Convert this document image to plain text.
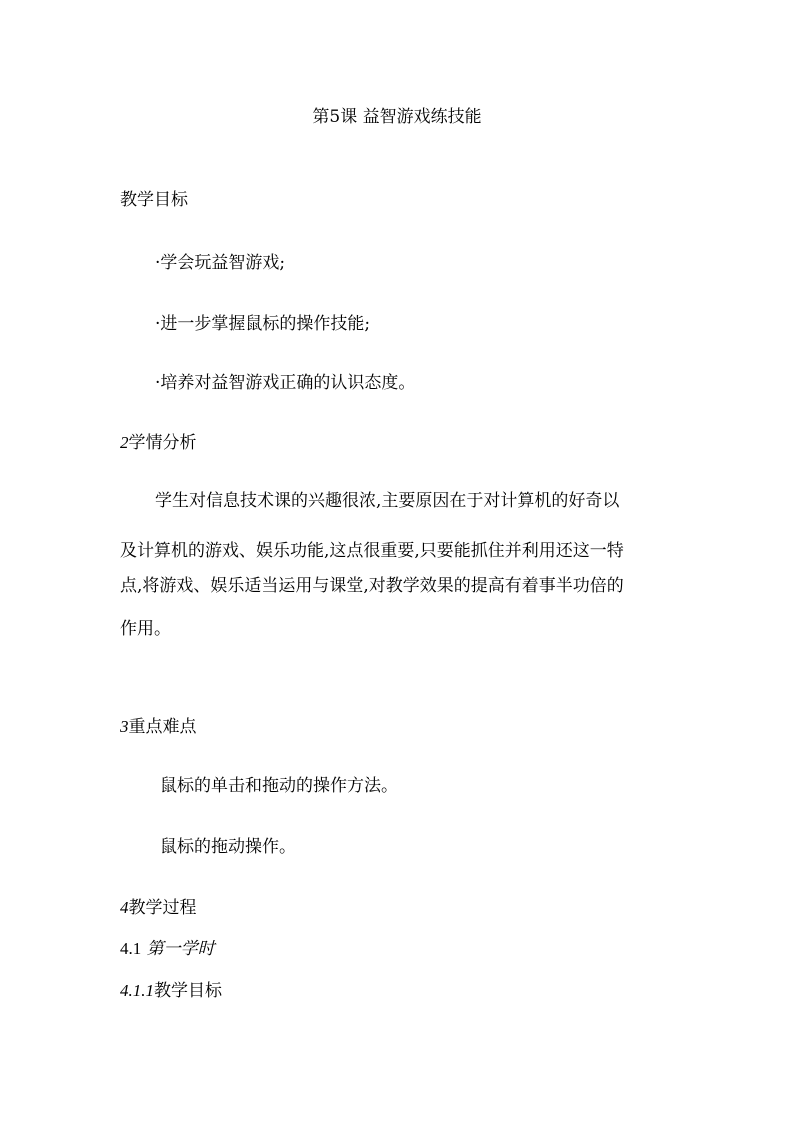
第5课 益智游戏练技能
教学目标
·学会玩益智游戏;
·进一步掌握鼠标的操作技能;
·培养对益智游戏正确的认识态度。
2学情分析
学生对信息技术课的兴趣很浓,主要原因在于对计算机的好奇以
及计算机的游戏、娱乐功能,这点很重要,只要能抓住并利用还这一特
点,将游戏、娱乐适当运用与课堂,对教学效果的提高有着事半功倍的
作用。
3重点难点
鼠标的单击和拖动的操作方法。
鼠标的拖动操作。
4教学过程
4.1 第一学时
4.1.1教学目标
